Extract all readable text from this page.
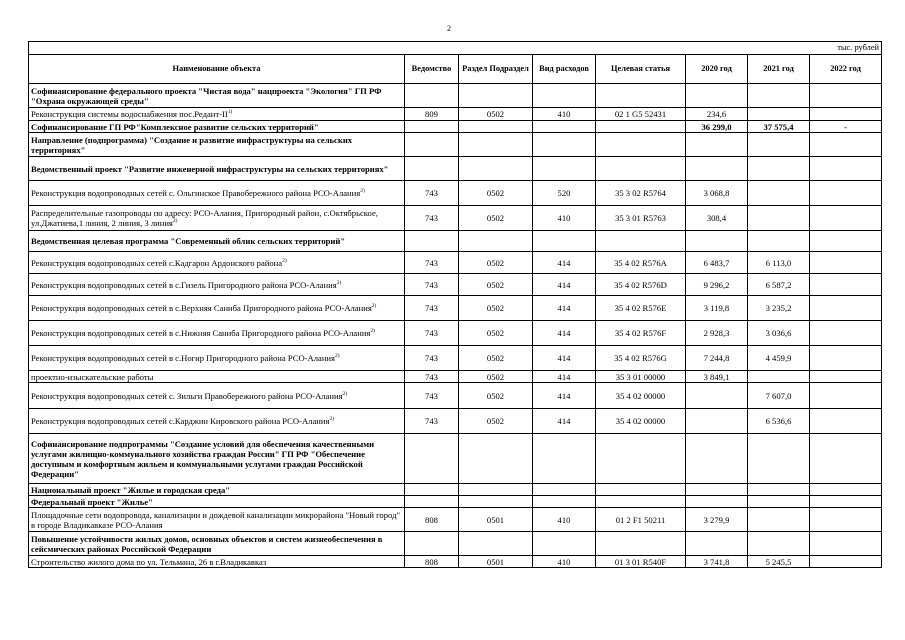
2
тыс. рублей							
Наименование объекта	Ведомство	Раздел Подраздел	Вид расходов	Целевая статья	2020 год	2021 год	2022 год
Софинансирование федерального проекта "Чистая вода" нацпроекта "Экология" ГП РФ "Охрана окружающей среды"							
Реконструкция системы водоснабжения пос.Редант-II$^{1)}$	809	0502	410	02 1 G5 52431	234,6		
Софинансирование ГП РФ"Комплексное развитие сельских территорий"					36 299,0	37 575,4	-
Направление (подпрограмма) "Создание и развитие инфраструктуры на сельских территориях"							
Ведомственный проект "Развитие инженерной инфраструктуры на сельских территориях"							
Реконструкция водопроводных сетей с. Ольгинское Правобережного района РСО-Алания$^{2)}$	743	0502	520	35 3 02 R5764	3 068,8		
Распределительные газопроводы по адресу: РСО-Алания, Пригородный район, с.Октябрьское, ул.Джатиева,1 линия, 2 линия, 3 линия$^{2)}$	743	0502	410	35 3 01 R5763	308,4		
Ведомственная целевая программа "Современный облик сельских территорий"							
Реконструкция водопроводных сетей с.Кадгарон Ардонского района$^{2)}$	743	0502	414	35 4 02 R576A	6 483,7	6 113,0	
Реконструкция водопроводных сетей в с.Гизель Пригородного района РСО-Алания$^{2)}$	743	0502	414	35 4 02 R576D	9 296,2	6 587,2	
Реконструкция водопроводных сетей в с.Верхняя Саниба Пригородного района РСО-Алания$^{2)}$	743	0502	414	35 4 02 R576E	3 119,8	3 235,2	
Реконструкция водопроводных сетей в с.Нижняя Саниба Пригородного района РСО-Алания$^{2)}$	743	0502	414	35 4 02 R576F	2 928,3	3 036,6	
Реконструкция водопроводных сетей в с.Ногир Пригородного района РСО-Алания$^{2)}$	743	0502	414	35 4 02 R576G	7 244,8	4 459,9	
проектно-изыскательские работы	743	0502	414	35 3 01 00000	3 849,1		
Реконструкция водопроводных сетей с. Зильги Правобережного района РСО-Алания$^{2)}$	743	0502	414	35 4 02 00000		7 607,0	
Реконструкция водопроводных сетей с.Карджин Кировского района РСО-Алания$^{2)}$	743	0502	414	35 4 02 00000		6 536,6	
Софинансирование подпрограммы "Создание условий для обеспечения качественными услугами жилищно-коммунального хозяйства граждан России" ГП РФ "Обеспечение доступным и комфортным жильем и коммунальными услугами граждан Российской Федерации"							
Национальный проект "Жилье и городская среда"							
Федеральный проект "Жилье"							
Площадочные сети водопровода, канализации и дождевой канализации микрорайона "Новый город" в городе Владикавказе РСО-Алания	808	0501	410	01 2 F1 50211	3 279,9		
Повышение устойчивости жилых домов, основных объектов и систем жизнеобеспечения в сейсмических районах Российской Федерации							
Строительство жилого дома по ул. Тельмана, 26 в г.Владикавказ	808	0501	410	01 3 01 R540F	3 741,8	5 245,5	
